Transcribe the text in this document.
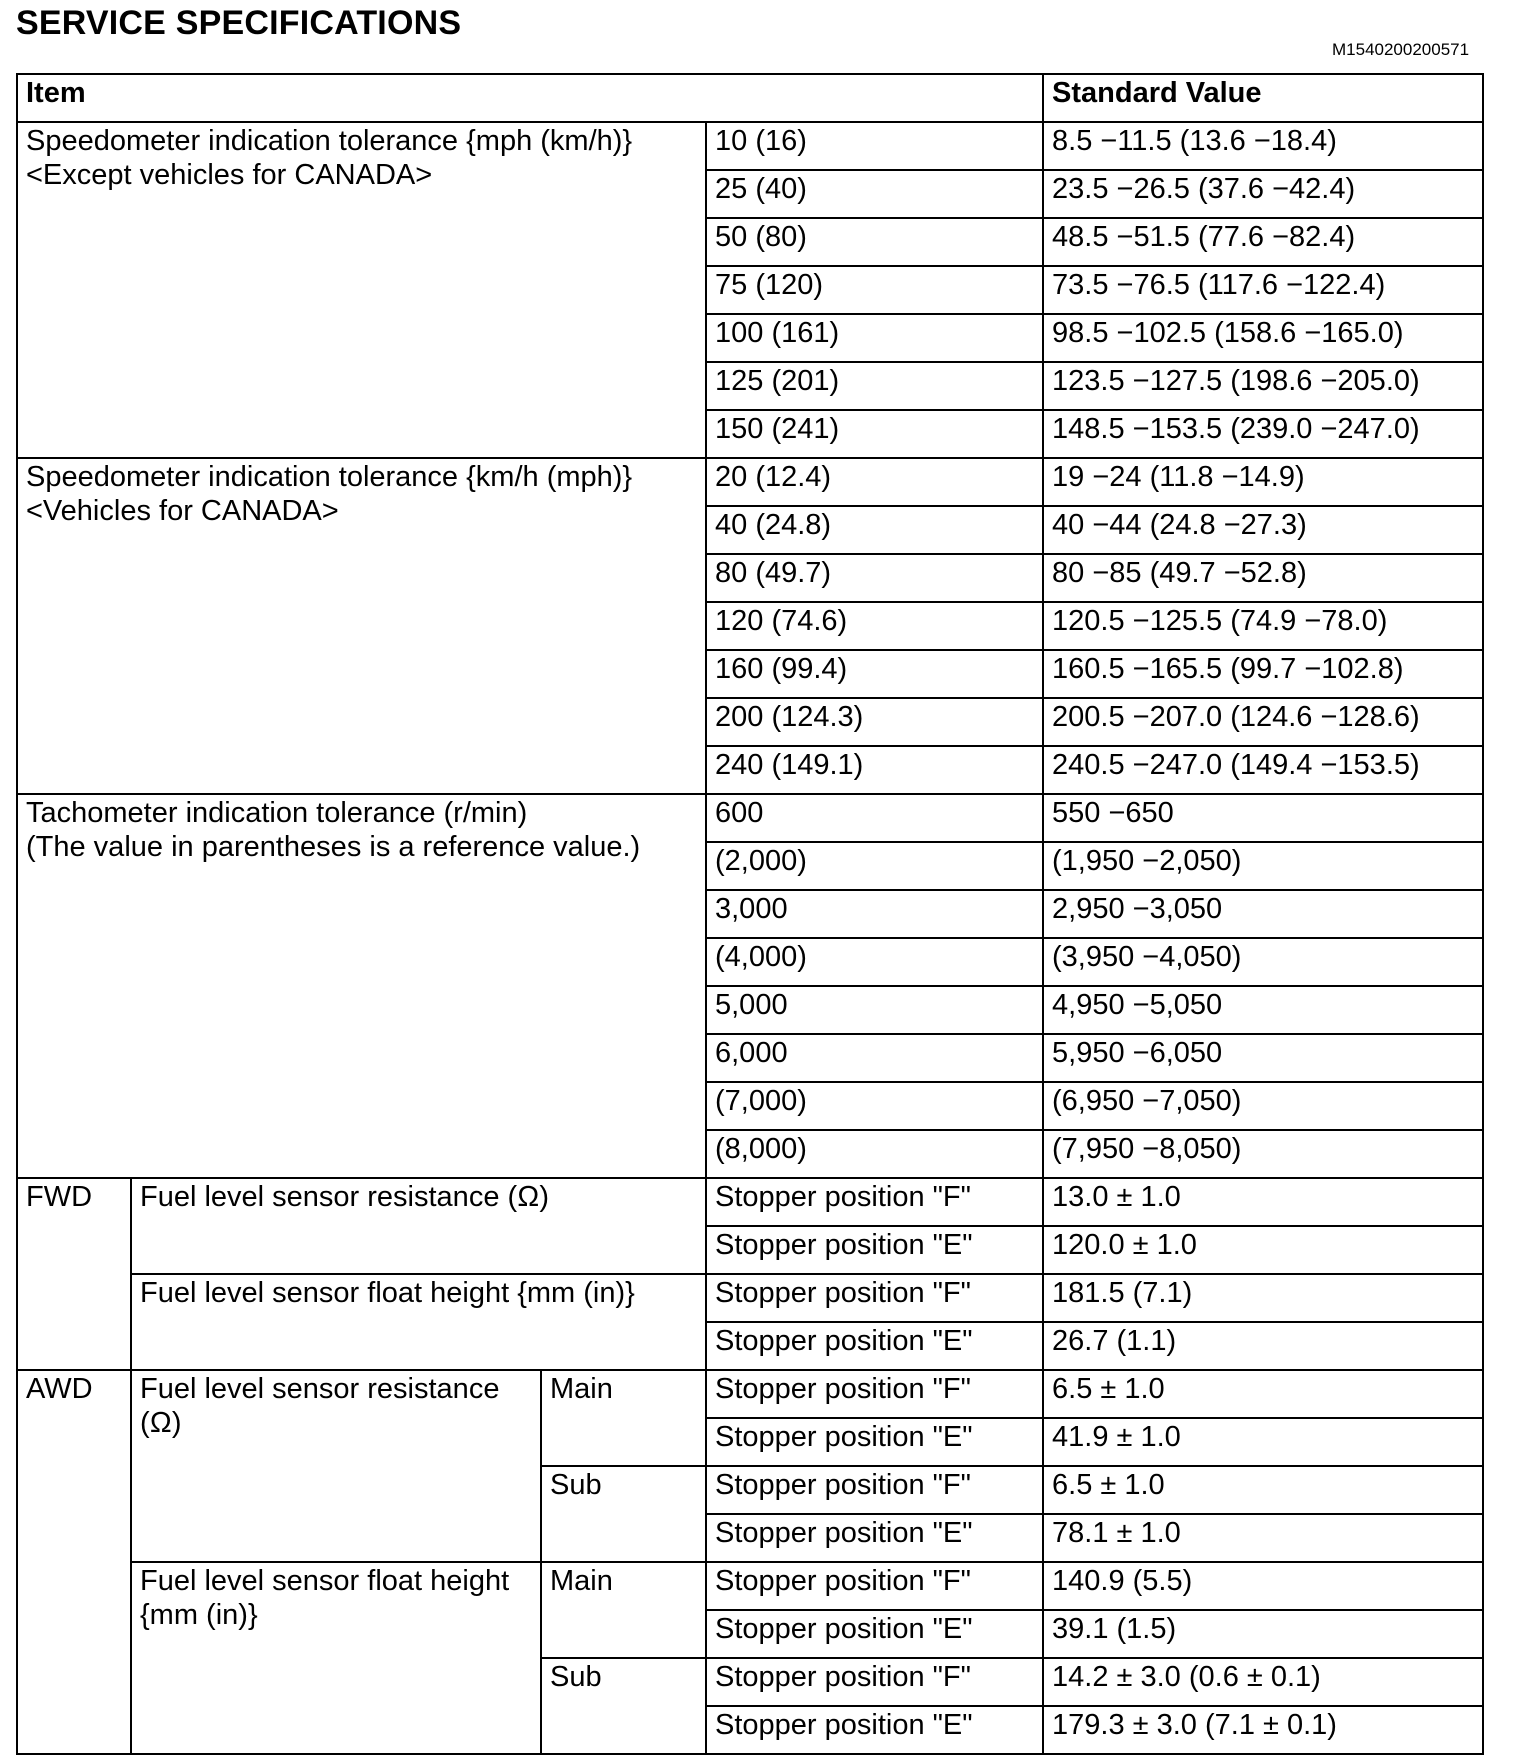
SERVICE SPECIFICATIONS
M1540200200571
Item				Standard Value

Speedometer indication tolerance {mph (km/h)}
<Except vehicles for CANADA>			10 (16)	8.5 −11.5 (13.6 −18.4)
			25 (40)	23.5 −26.5 (37.6 −42.4)
			50 (80)	48.5 −51.5 (77.6 −82.4)
			75 (120)	73.5 −76.5 (117.6 −122.4)
			100 (161)	98.5 −102.5 (158.6 −165.0)
			125 (201)	123.5 −127.5 (198.6 −205.0)
			150 (241)	148.5 −153.5 (239.0 −247.0)

Speedometer indication tolerance {km/h (mph)}
<Vehicles for CANADA>			20 (12.4)	19 −24 (11.8 −14.9)
			40 (24.8)	40 −44 (24.8 −27.3)
			80 (49.7)	80 −85 (49.7 −52.8)
			120 (74.6)	120.5 −125.5 (74.9 −78.0)
			160 (99.4)	160.5 −165.5 (99.7 −102.8)
			200 (124.3)	200.5 −207.0 (124.6 −128.6)
			240 (149.1)	240.5 −247.0 (149.4 −153.5)

Tachometer indication tolerance (r/min)
(The value in parentheses is a reference value.)			600	550 −650
			(2,000)	(1,950 −2,050)
			3,000	2,950 −3,050
			(4,000)	(3,950 −4,050)
			5,000	4,950 −5,050
			6,000	5,950 −6,050
			(7,000)	(6,950 −7,050)
			(8,000)	(7,950 −8,050)
FWD	Fuel level sensor resistance (Ω)		Stopper position "F"	13.0 ± 1.0
			Stopper position "E"	120.0 ± 1.0
	Fuel level sensor float height {mm (in)}		Stopper position "F"	181.5 (7.1)
			Stopper position "E"	26.7 (1.1)
AWD	Fuel level sensor resistance (Ω)	Main	Stopper position "F"	6.5 ± 1.0
			Stopper position "E"	41.9 ± 1.0
		Sub	Stopper position "F"	6.5 ± 1.0
			Stopper position "E"	78.1 ± 1.0
	Fuel level sensor float height {mm (in)}	Main	Stopper position "F"	140.9 (5.5)
			Stopper position "E"	39.1 (1.5)
		Sub	Stopper position "F"	14.2 ± 3.0 (0.6 ± 0.1)
			Stopper position "E"	179.3 ± 3.0 (7.1 ± 0.1)
